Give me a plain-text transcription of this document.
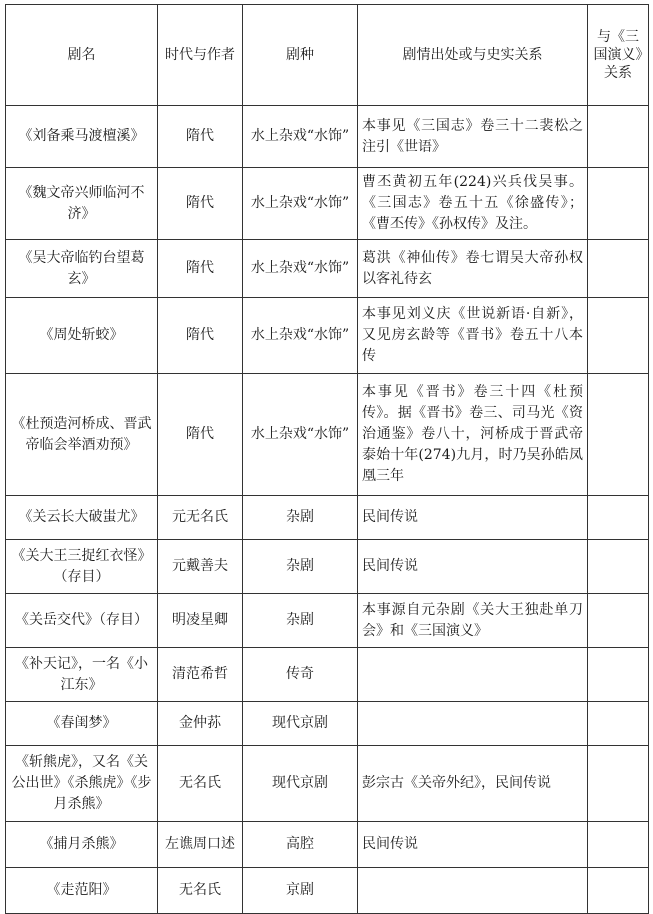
剧名	时代与作者	剧种	剧情出处或与史实关系	与《三国演义》关系
《刘备乘马渡檀溪》	隋代	水上杂戏“水饰”	本事见《三国志》卷三十二裴松之注引《世语》	
《魏文帝兴师临河不济》	隋代	水上杂戏“水饰”	曹丕黄初五年(224)兴兵伐吴事。《三国志》卷五十五《徐盛传》；《曹丕传》《孙权传》及注。	
《吴大帝临钓台望葛玄》	隋代	水上杂戏“水饰”	葛洪《神仙传》卷七谓吴大帝孙权以客礼待玄	
《周处斩蛟》	隋代	水上杂戏“水饰”	本事见刘义庆《世说新语·自新》，又见房玄龄等《晋书》卷五十八本传	
《杜预造河桥成、晋武帝临会举酒劝预》	隋代	水上杂戏“水饰”	本事见《晋书》卷三十四《杜预传》。据《晋书》卷三、司马光《资治通鉴》卷八十，河桥成于晋武帝泰始十年(274)九月，时乃吴孙皓凤凰三年	
《关云长大破蚩尤》	元无名氏	杂剧	民间传说	
《关大王三捉红衣怪》（存目）	元戴善夫	杂剧	民间传说	
《关岳交代》（存目）	明凌星卿	杂剧	本事源自元杂剧《关大王独赴单刀会》和《三国演义》	
《补天记》，一名《小江东》	清范希哲	传奇		
《春闺梦》	金仲荪	现代京剧		
《斩熊虎》，又名《关公出世》《杀熊虎》《步月杀熊》	无名氏	现代京剧	彭宗古《关帝外纪》，民间传说	
《捕月杀熊》	左谯周口述	高腔	民间传说	
《走范阳》	无名氏	京剧		
